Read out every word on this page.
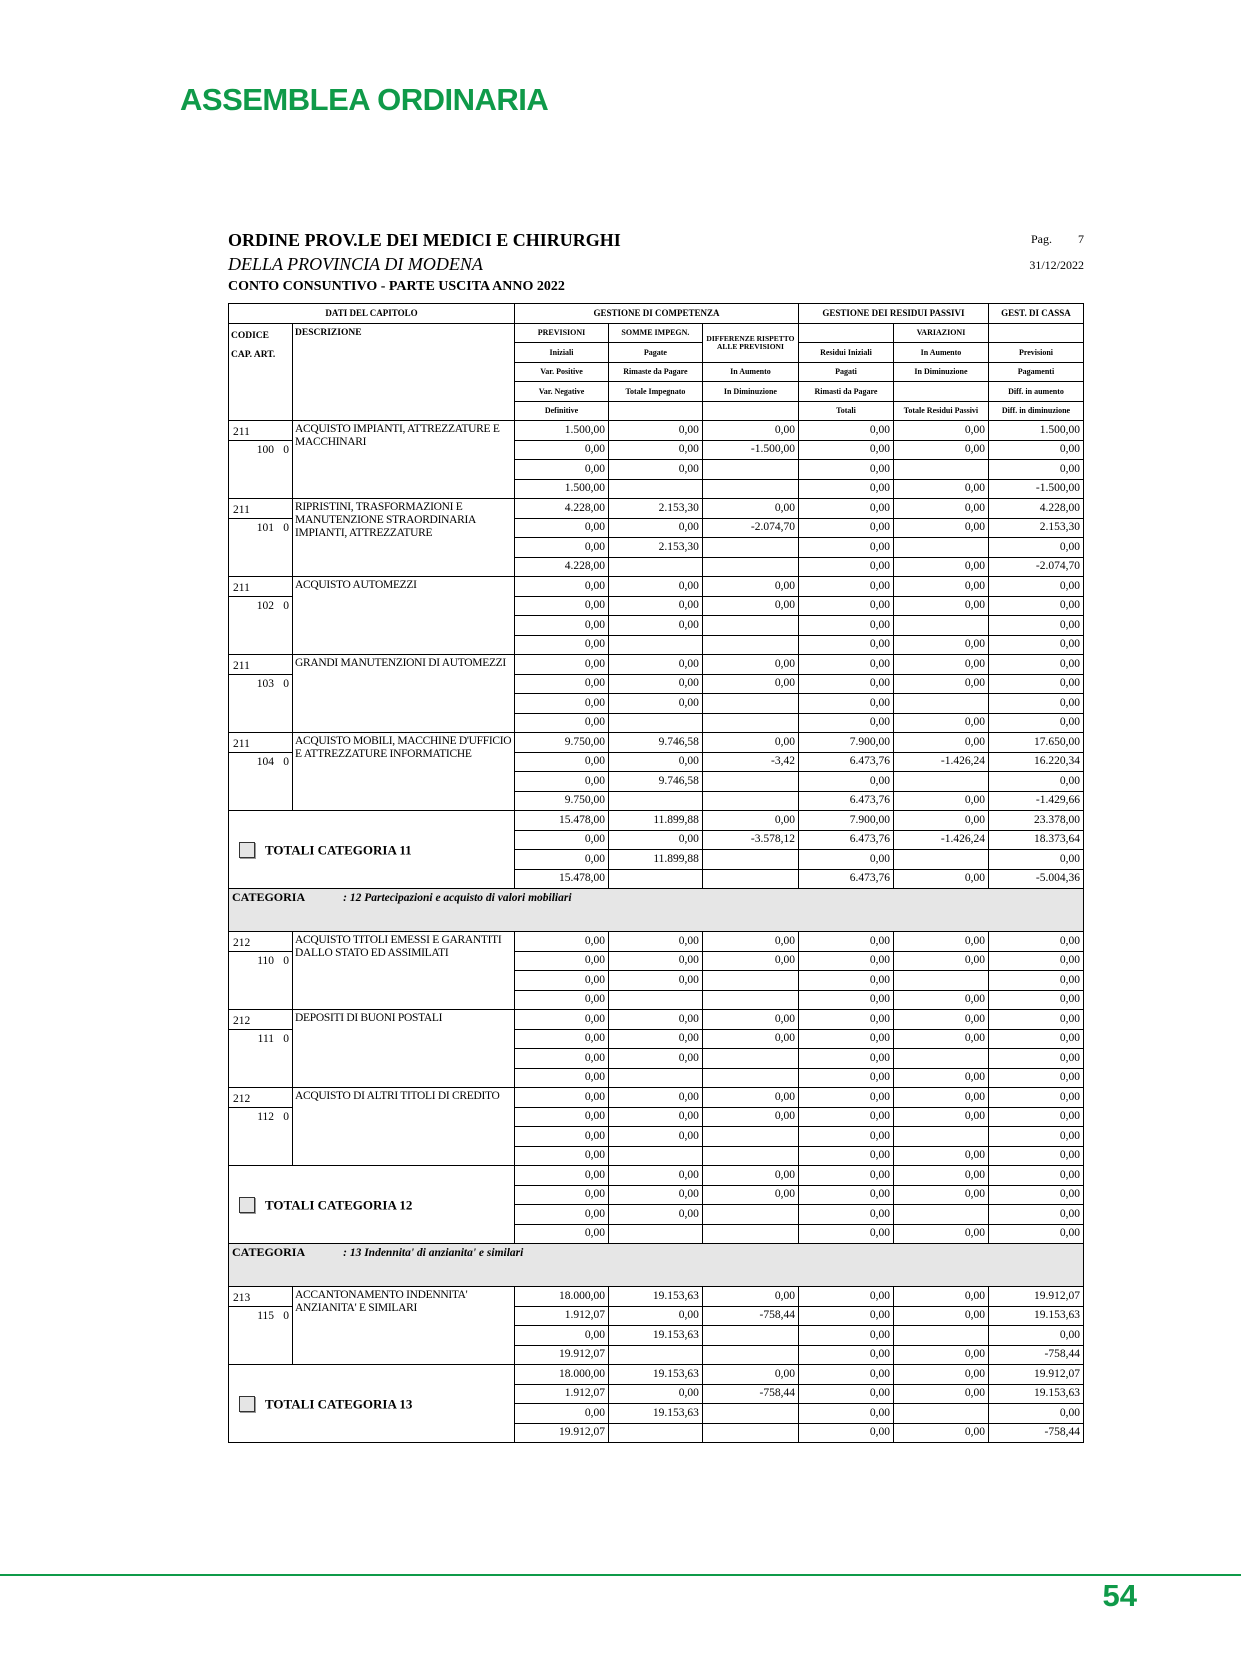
ASSEMBLEA ORDINARIA
ORDINE PROV.LE DEI MEDICI E CHIRURGHI	Pag. 7
DELLA PROVINCIA DI MODENA	31/12/2022
CONTO CONSUNTIVO - PARTE USCITA ANNO 2022
DATI DEL CAPITOLO		GESTIONE DI COMPETENZA			GESTIONE DEI RESIDUI PASSIVI		GEST. DI CASSA

CODICE
CAP. ART.	DESCRIZIONE	PREVISIONI	SOMME IMPEGN.	DIFFERENZE RISPETTO ALLE PREVISIONI		VARIAZIONI	
		Iniziali	Pagate		Residui Iniziali	In Aumento	Previsioni
		Var. Positive	Rimaste da Pagare	In Aumento	Pagati	In Diminuzione	Pagamenti
		Var. Negative	Totale Impegnato	In Diminuzione	Rimasti da Pagare		Diff. in aumento
		Definitive			Totali	Totale Residui Passivi	Diff. in diminuzione

211
100 0	ACQUISTO IMPIANTI, ATTREZZATURE E MACCHINARI	1.500,00	0,00	0,00	0,00	0,00	1.500,00
		0,00	0,00	-1.500,00	0,00	0,00	0,00
		0,00	0,00		0,00		0,00
		1.500,00			0,00	0,00	-1.500,00

211
101 0	RIPRISTINI, TRASFORMAZIONI E MANUTENZIONE STRAORDINARIA IMPIANTI, ATTREZZATURE	4.228,00	2.153,30	0,00	0,00	0,00	4.228,00
		0,00	0,00	-2.074,70	0,00	0,00	2.153,30
		0,00	2.153,30		0,00		0,00
		4.228,00			0,00	0,00	-2.074,70

211
102 0	ACQUISTO AUTOMEZZI	0,00	0,00	0,00	0,00	0,00	0,00
		0,00	0,00	0,00	0,00	0,00	0,00
		0,00	0,00		0,00		0,00
		0,00			0,00	0,00	0,00

211
103 0	GRANDI MANUTENZIONI DI AUTOMEZZI	0,00	0,00	0,00	0,00	0,00	0,00
		0,00	0,00	0,00	0,00	0,00	0,00
		0,00	0,00		0,00		0,00
		0,00			0,00	0,00	0,00

211
104 0	ACQUISTO MOBILI, MACCHINE D'UFFICIO E ATTREZZATURE INFORMATICHE	9.750,00	9.746,58	0,00	7.900,00	0,00	17.650,00
		0,00	0,00	-3,42	6.473,76	-1.426,24	16.220,34
		0,00	9.746,58		0,00		0,00
		9.750,00			6.473,76	0,00	-1.429,66
TOTALI CATEGORIA 11		15.478,00	11.899,88	0,00	7.900,00	0,00	23.378,00
		0,00	0,00	-3.578,12	6.473,76	-1.426,24	18.373,64
		0,00	11.899,88		0,00		0,00
		15.478,00			6.473,76	0,00	-5.004,36
CATEGORIA : 12 Partecipazioni e acquisto di valori mobiliari							

212
110 0	ACQUISTO TITOLI EMESSI E GARANTITI DALLO STATO ED ASSIMILATI	0,00	0,00	0,00	0,00	0,00	0,00
		0,00	0,00	0,00	0,00	0,00	0,00
		0,00	0,00		0,00		0,00
		0,00			0,00	0,00	0,00

212
111 0	DEPOSITI DI BUONI POSTALI	0,00	0,00	0,00	0,00	0,00	0,00
		0,00	0,00	0,00	0,00	0,00	0,00
		0,00	0,00		0,00		0,00
		0,00			0,00	0,00	0,00

212
112 0	ACQUISTO DI ALTRI TITOLI DI CREDITO	0,00	0,00	0,00	0,00	0,00	0,00
		0,00	0,00	0,00	0,00	0,00	0,00
		0,00	0,00		0,00		0,00
		0,00			0,00	0,00	0,00
TOTALI CATEGORIA 12		0,00	0,00	0,00	0,00	0,00	0,00
		0,00	0,00	0,00	0,00	0,00	0,00
		0,00	0,00		0,00		0,00
		0,00			0,00	0,00	0,00
CATEGORIA : 13 Indennita' di anzianita' e similari							

213
115 0	ACCANTONAMENTO INDENNITA' ANZIANITA' E SIMILARI	18.000,00	19.153,63	0,00	0,00	0,00	19.912,07
		1.912,07	0,00	-758,44	0,00	0,00	19.153,63
		0,00	19.153,63		0,00		0,00
		19.912,07			0,00	0,00	-758,44
TOTALI CATEGORIA 13		18.000,00	19.153,63	0,00	0,00	0,00	19.912,07
		1.912,07	0,00	-758,44	0,00	0,00	19.153,63
		0,00	19.153,63		0,00		0,00
		19.912,07			0,00	0,00	-758,44
54
